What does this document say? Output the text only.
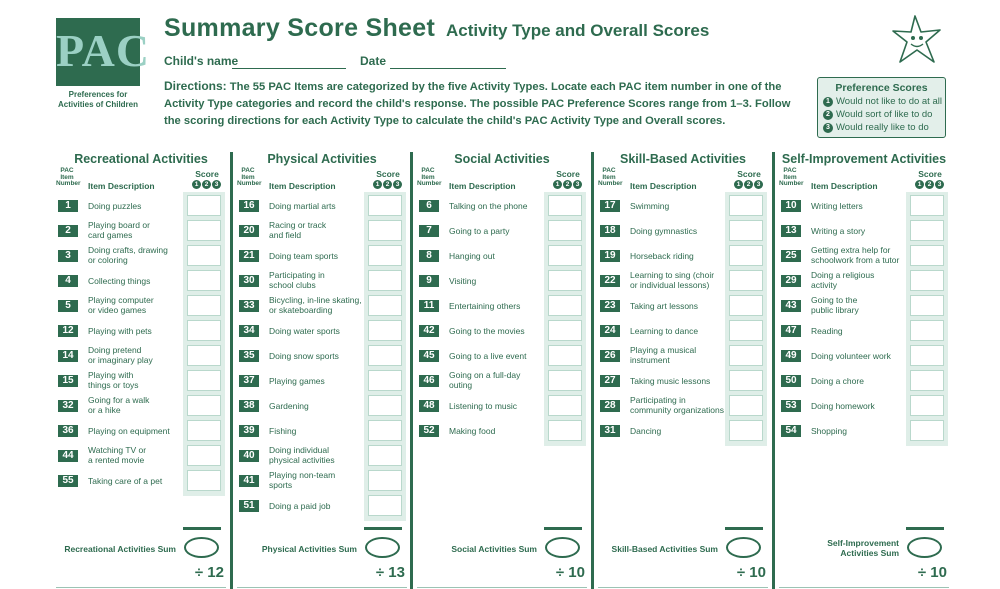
PAC
Preferences for
Activities of Children
Summary Score Sheet Activity Type and Overall Scores
Child's name	Date
Directions: The 55 PAC Items are categorized by the five Activity Types. Locate each PAC item number in one of the Activity Type categories and record the child's response. The possible PAC Preference Scores range from 1–3. Follow the scoring directions for each Activity Type to calculate the child's PAC Activity Type and Overall scores.
Preference Scores
1 Would not like to do at all
2 Would sort of like to do
3 Would really like to do
Recreational Activities
PAC
Item
Number Item Description
Score
1 2 3
1	Doing puzzles
2	Playing board or
card games
3	Doing crafts, drawing
or coloring
4	Collecting things
5	Playing computer
or video games
12	Playing with pets
14	Doing pretend
or imaginary play
15	Playing with
things or toys
32	Going for a walk
or a hike
36	Playing on equipment
44	Watching TV or
a rented movie
55	Taking care of a pet
Recreational Activities Sum
÷ 12
Physical Activities
PAC
Item
Number Item Description
Score
1 2 3
16	Doing martial arts
20	Racing or track
and field
21	Doing team sports
30	Participating in
school clubs
33	Bicycling, in-line skating,
or skateboarding
34	Doing water sports
35	Doing snow sports
37	Playing games
38	Gardening
39	Fishing
40	Doing individual
physical activities
41	Playing non-team
sports
51	Doing a paid job
Physical Activities Sum
÷ 13
Social Activities
PAC
Item
Number Item Description
Score
1 2 3
6	Talking on the phone
7	Going to a party
8	Hanging out
9	Visiting
11	Entertaining others
42	Going to the movies
45	Going to a live event
46	Going on a full-day
outing
48	Listening to music
52	Making food
Social Activities Sum
÷ 10
Skill-Based Activities
PAC
Item
Number Item Description
Score
1 2 3
17	Swimming
18	Doing gymnastics
19	Horseback riding
22	Learning to sing (choir
or individual lessons)
23	Taking art lessons
24	Learning to dance
26	Playing a musical
instrument
27	Taking music lessons
28	Participating in
community organizations
31	Dancing
Skill-Based Activities Sum
÷ 10
Self-Improvement Activities
PAC
Item
Number Item Description
Score
1 2 3
10	Writing letters
13	Writing a story
25	Getting extra help for
schoolwork from a tutor
29	Doing a religious
activity
43	Going to the
public library
47	Reading
49	Doing volunteer work
50	Doing a chore
53	Doing homework
54	Shopping
Self-Improvement
Activities Sum
÷ 10
